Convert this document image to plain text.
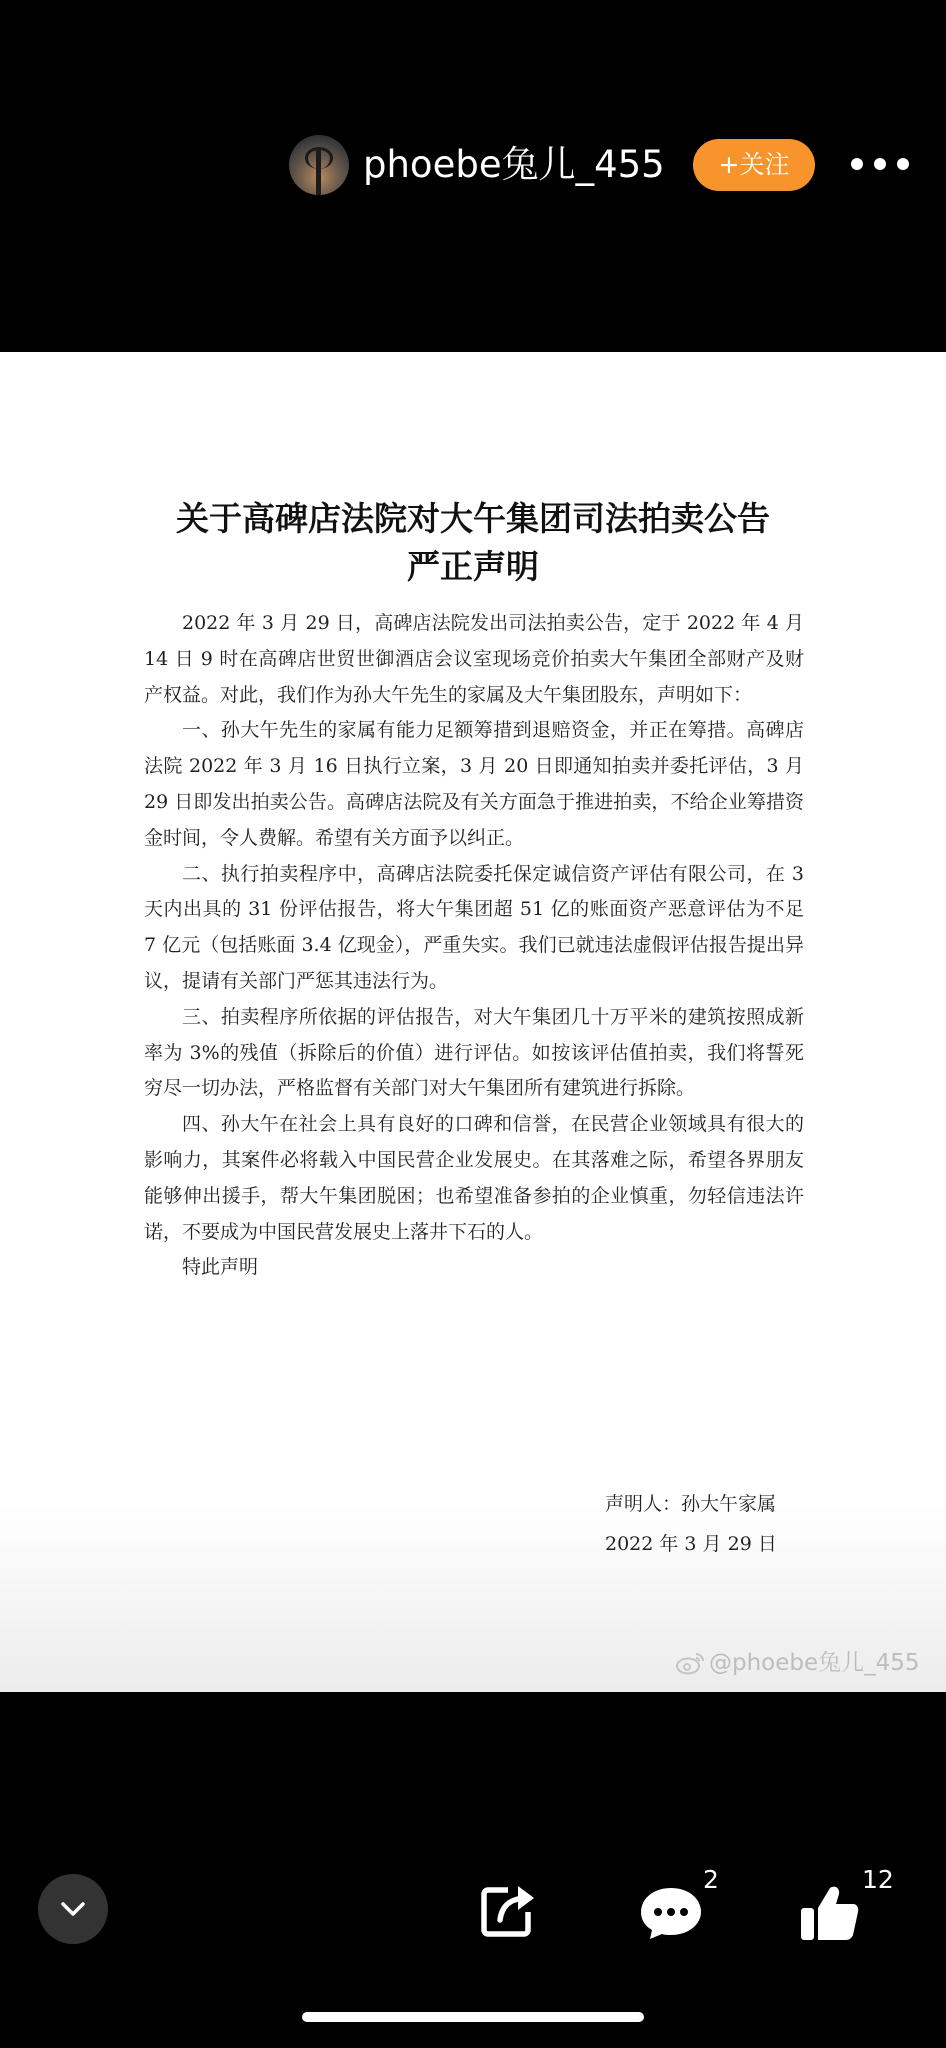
phoebe兔儿_455	+关注
关于高碑店法院对大午集团司法拍卖公告
严正声明

2022 年 3 月 29 日，高碑店法院发出司法拍卖公告，定于 2022 年 4 月 14 日 9 时在高碑店世贸世御酒店会议室现场竞价拍卖大午集团全部财产及财产权益。对此，我们作为孙大午先生的家属及大午集团股东，声明如下：

一、孙大午先生的家属有能力足额筹措到退赔资金，并正在筹措。高碑店法院 2022 年 3 月 16 日执行立案，3 月 20 日即通知拍卖并委托评估，3 月 29 日即发出拍卖公告。高碑店法院及有关方面急于推进拍卖，不给企业筹措资金时间，令人费解。希望有关方面予以纠正。

二、执行拍卖程序中，高碑店法院委托保定诚信资产评估有限公司，在 3 天内出具的 31 份评估报告，将大午集团超 51 亿的账面资产恶意评估为不足 7 亿元（包括账面 3.4 亿现金），严重失实。我们已就违法虚假评估报告提出异议，提请有关部门严惩其违法行为。

三、拍卖程序所依据的评估报告，对大午集团几十万平米的建筑按照成新率为 3%的残值（拆除后的价值）进行评估。如按该评估值拍卖，我们将誓死穷尽一切办法，严格监督有关部门对大午集团所有建筑进行拆除。

四、孙大午在社会上具有良好的口碑和信誉，在民营企业领域具有很大的影响力，其案件必将载入中国民营企业发展史。在其落难之际，希望各界朋友能够伸出援手，帮大午集团脱困；也希望准备参拍的企业慎重，勿轻信违法许诺，不要成为中国民营发展史上落井下石的人。

特此声明

声明人：孙大午家属
2022 年 3 月 29 日
@phoebe兔儿_455
2	12
